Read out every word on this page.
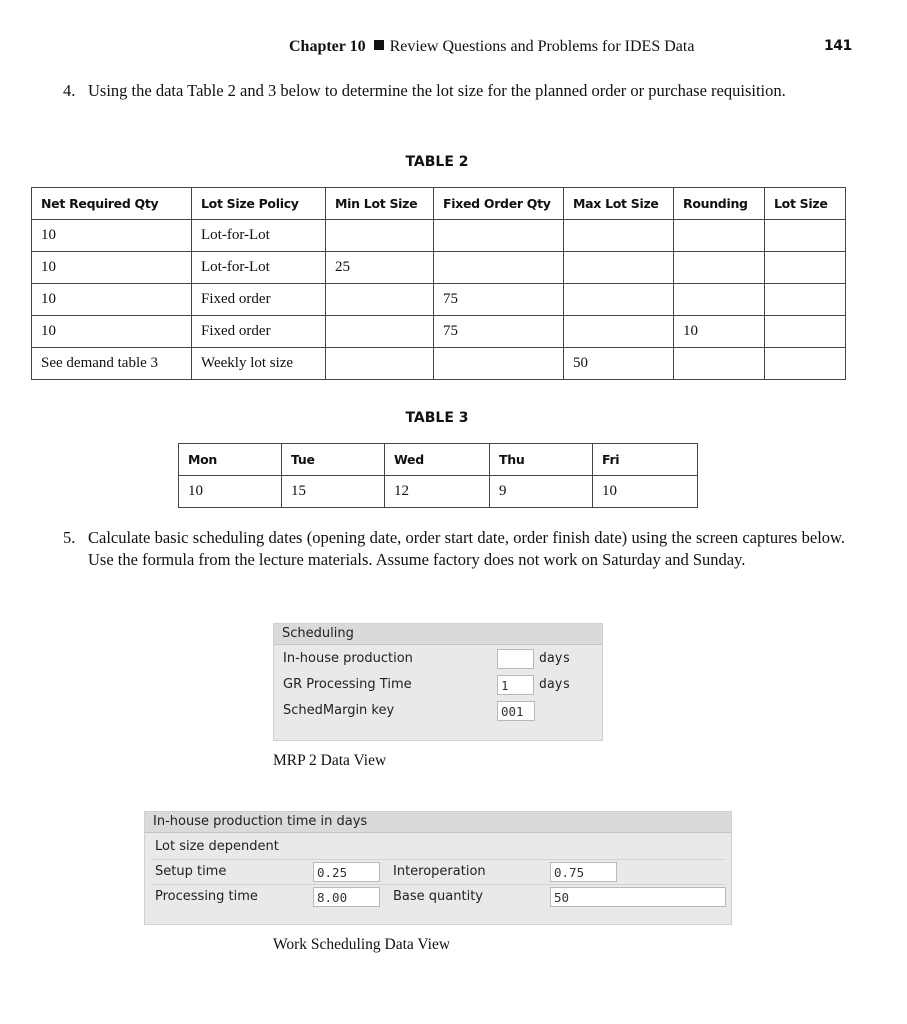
Chapter 10 Review Questions and Problems for IDES Data	141
4. Using the data Table 2 and 3 below to determine the lot size for the planned order or purchase requisition.
TABLE 2
Net Required Qty	Lot Size Policy	Min Lot Size	Fixed Order Qty	Max Lot Size	Rounding	Lot Size
10	Lot-for-Lot					
10	Lot-for-Lot	25				
10	Fixed order		75			
10	Fixed order		75		10	
See demand table 3	Weekly lot size			50		
TABLE 3
Mon	Tue	Wed	Thu	Fri
10	15	12	9	10
5. Calculate basic scheduling dates (opening date, order start date, order finish date) using the screen captures below. Use the formula from the lecture materials. Assume factory does not work on Saturday and Sunday.
Scheduling
In-house production	days
GR Processing Time	1	days
SchedMargin key	001
MRP 2 Data View
In-house production time in days
Lot size dependent
Setup time	0.25	Interoperation	0.75
Processing time	8.00	Base quantity	50
Work Scheduling Data View
